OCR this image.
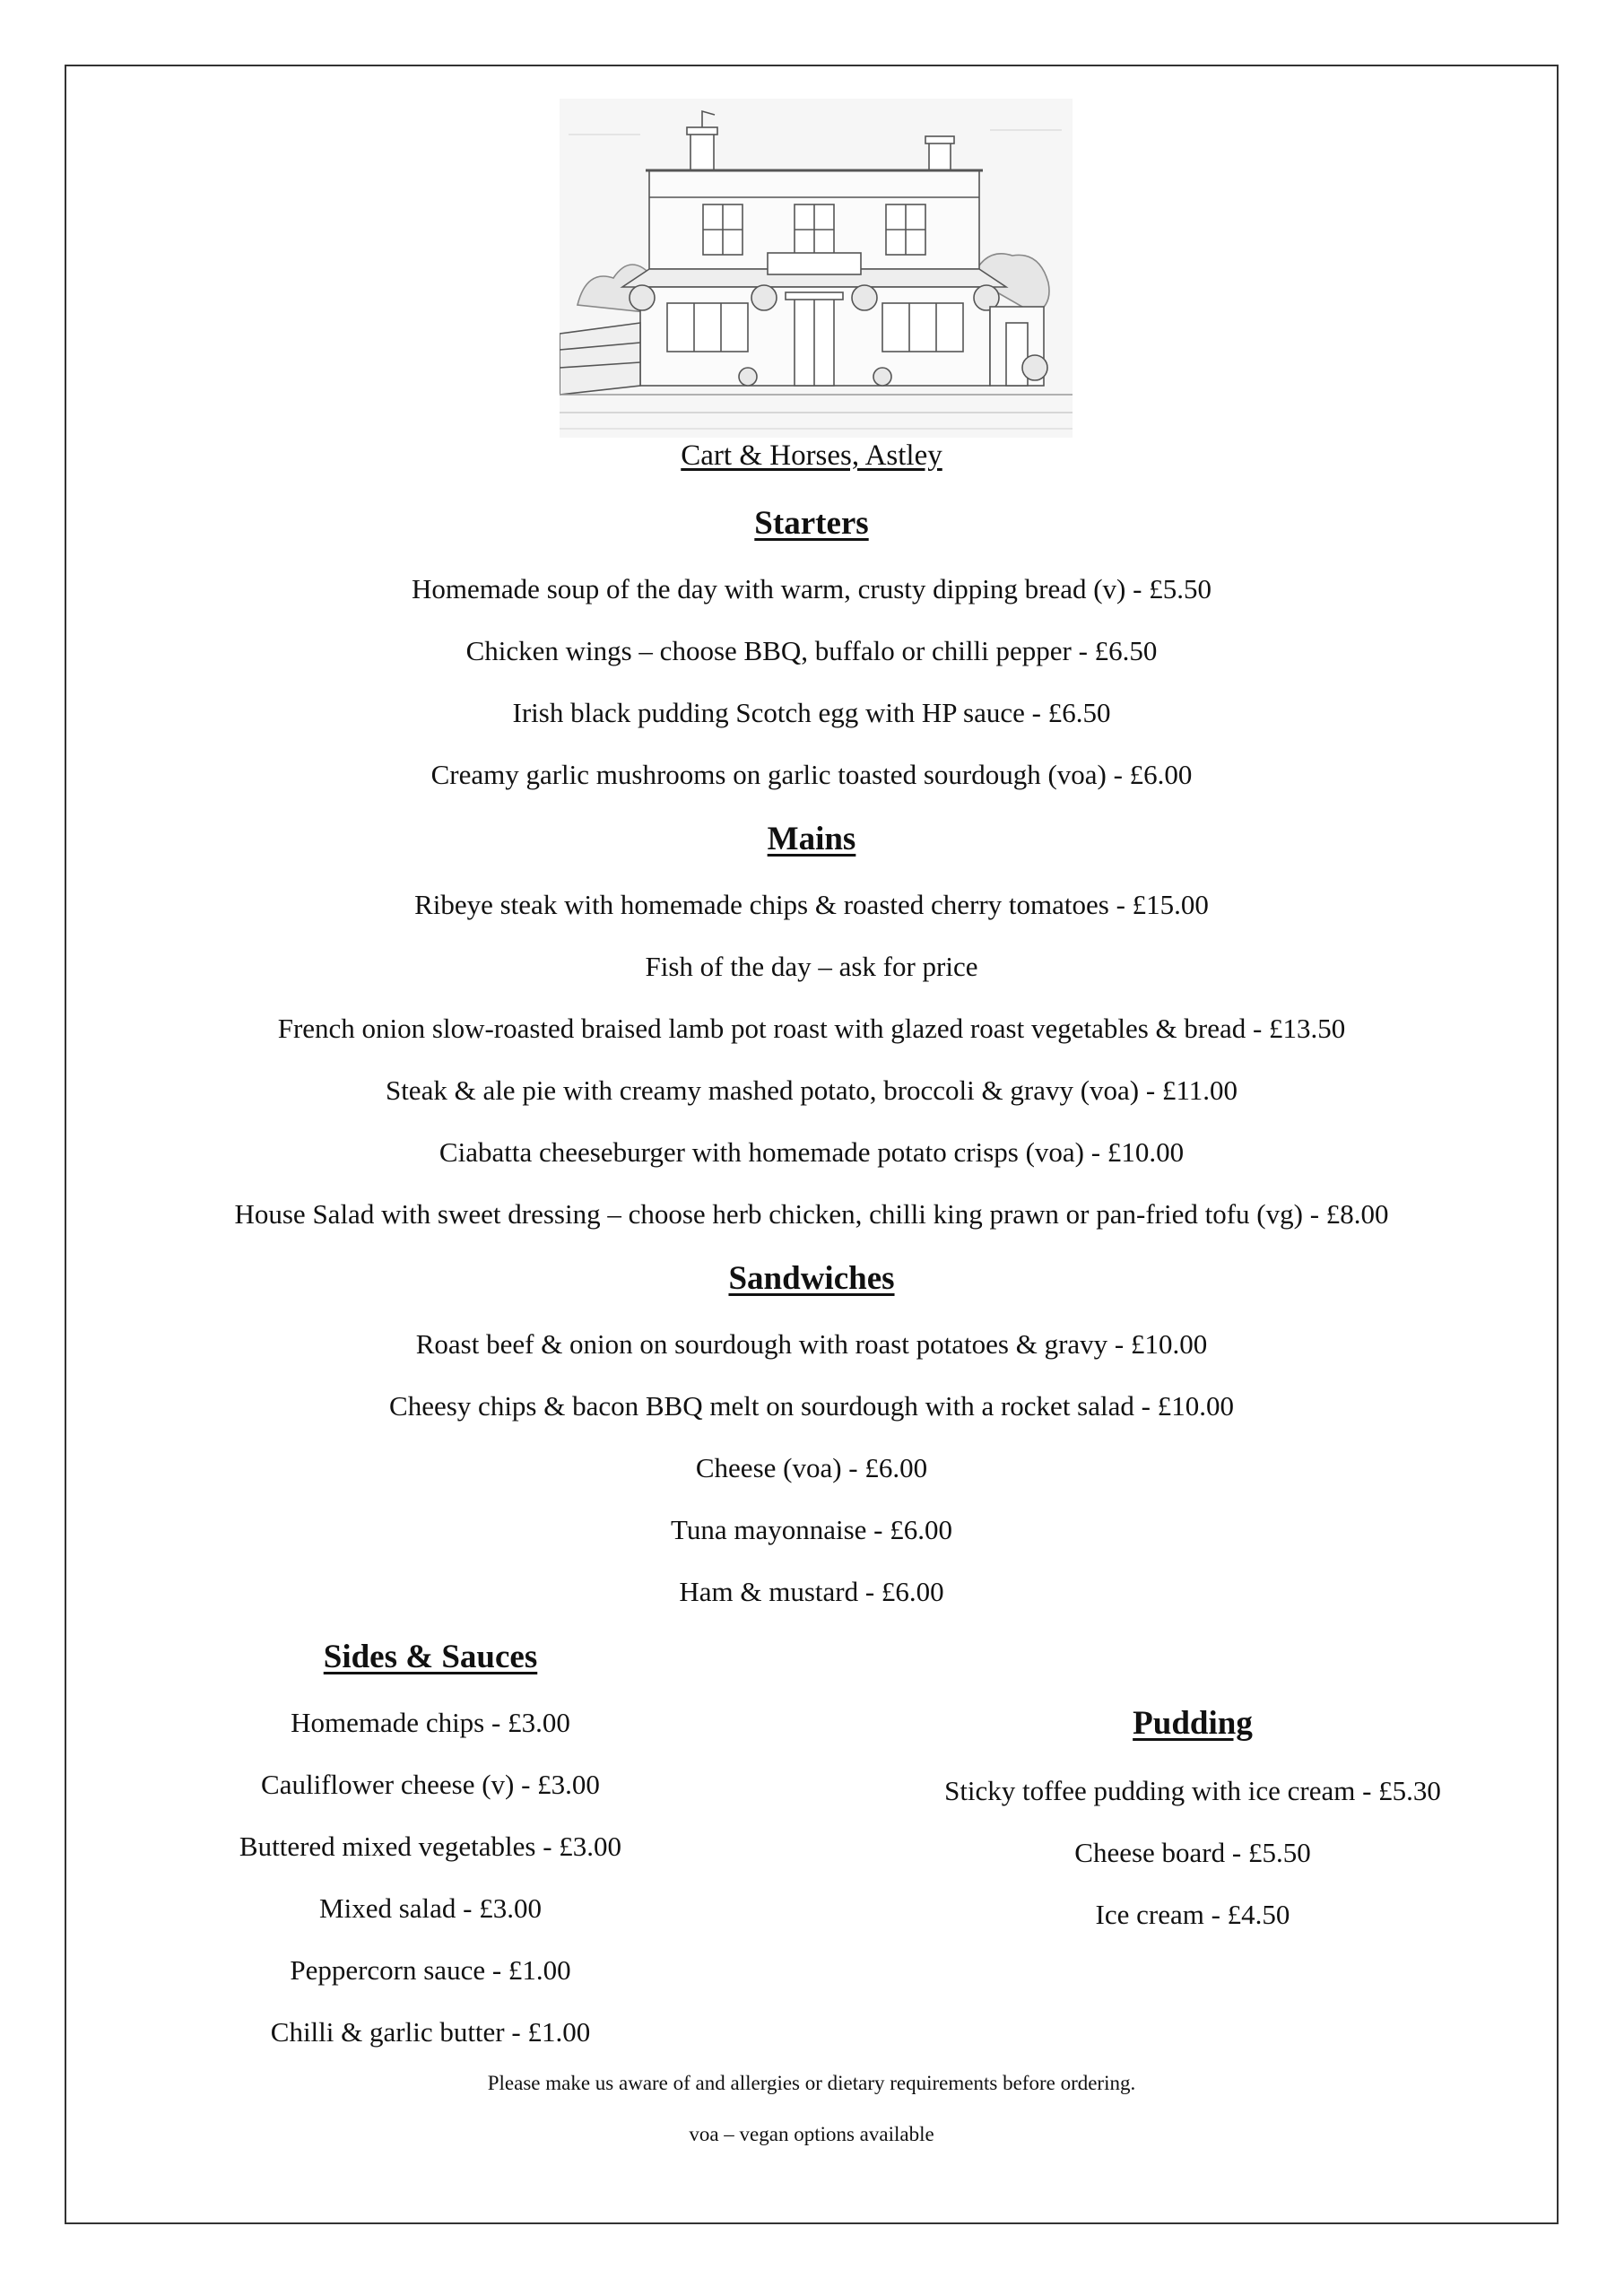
Cart & Horses, Astley
Starters
Homemade soup of the day with warm, crusty dipping bread (v) - £5.50
Chicken wings – choose BBQ, buffalo or chilli pepper - £6.50
Irish black pudding Scotch egg with HP sauce - £6.50
Creamy garlic mushrooms on garlic toasted sourdough (voa) - £6.00
Mains
Ribeye steak with homemade chips & roasted cherry tomatoes - £15.00
Fish of the day – ask for price
French onion slow-roasted braised lamb pot roast with glazed roast vegetables & bread - £13.50
Steak & ale pie with creamy mashed potato, broccoli & gravy (voa) - £11.00
Ciabatta cheeseburger with homemade potato crisps (voa) - £10.00
House Salad with sweet dressing – choose herb chicken, chilli king prawn or pan-fried tofu (vg) - £8.00
Sandwiches
Roast beef & onion on sourdough with roast potatoes & gravy - £10.00
Cheesy chips & bacon BBQ melt on sourdough with a rocket salad - £10.00
Cheese (voa) - £6.00
Tuna mayonnaise - £6.00
Ham & mustard - £6.00
Sides & Sauces
Homemade chips - £3.00
Cauliflower cheese (v) - £3.00
Buttered mixed vegetables - £3.00
Mixed salad - £3.00
Peppercorn sauce - £1.00
Chilli & garlic butter - £1.00
Pudding
Sticky toffee pudding with ice cream - £5.30
Cheese board - £5.50
Ice cream - £4.50
Please make us aware of and allergies or dietary requirements before ordering.
voa – vegan options available
